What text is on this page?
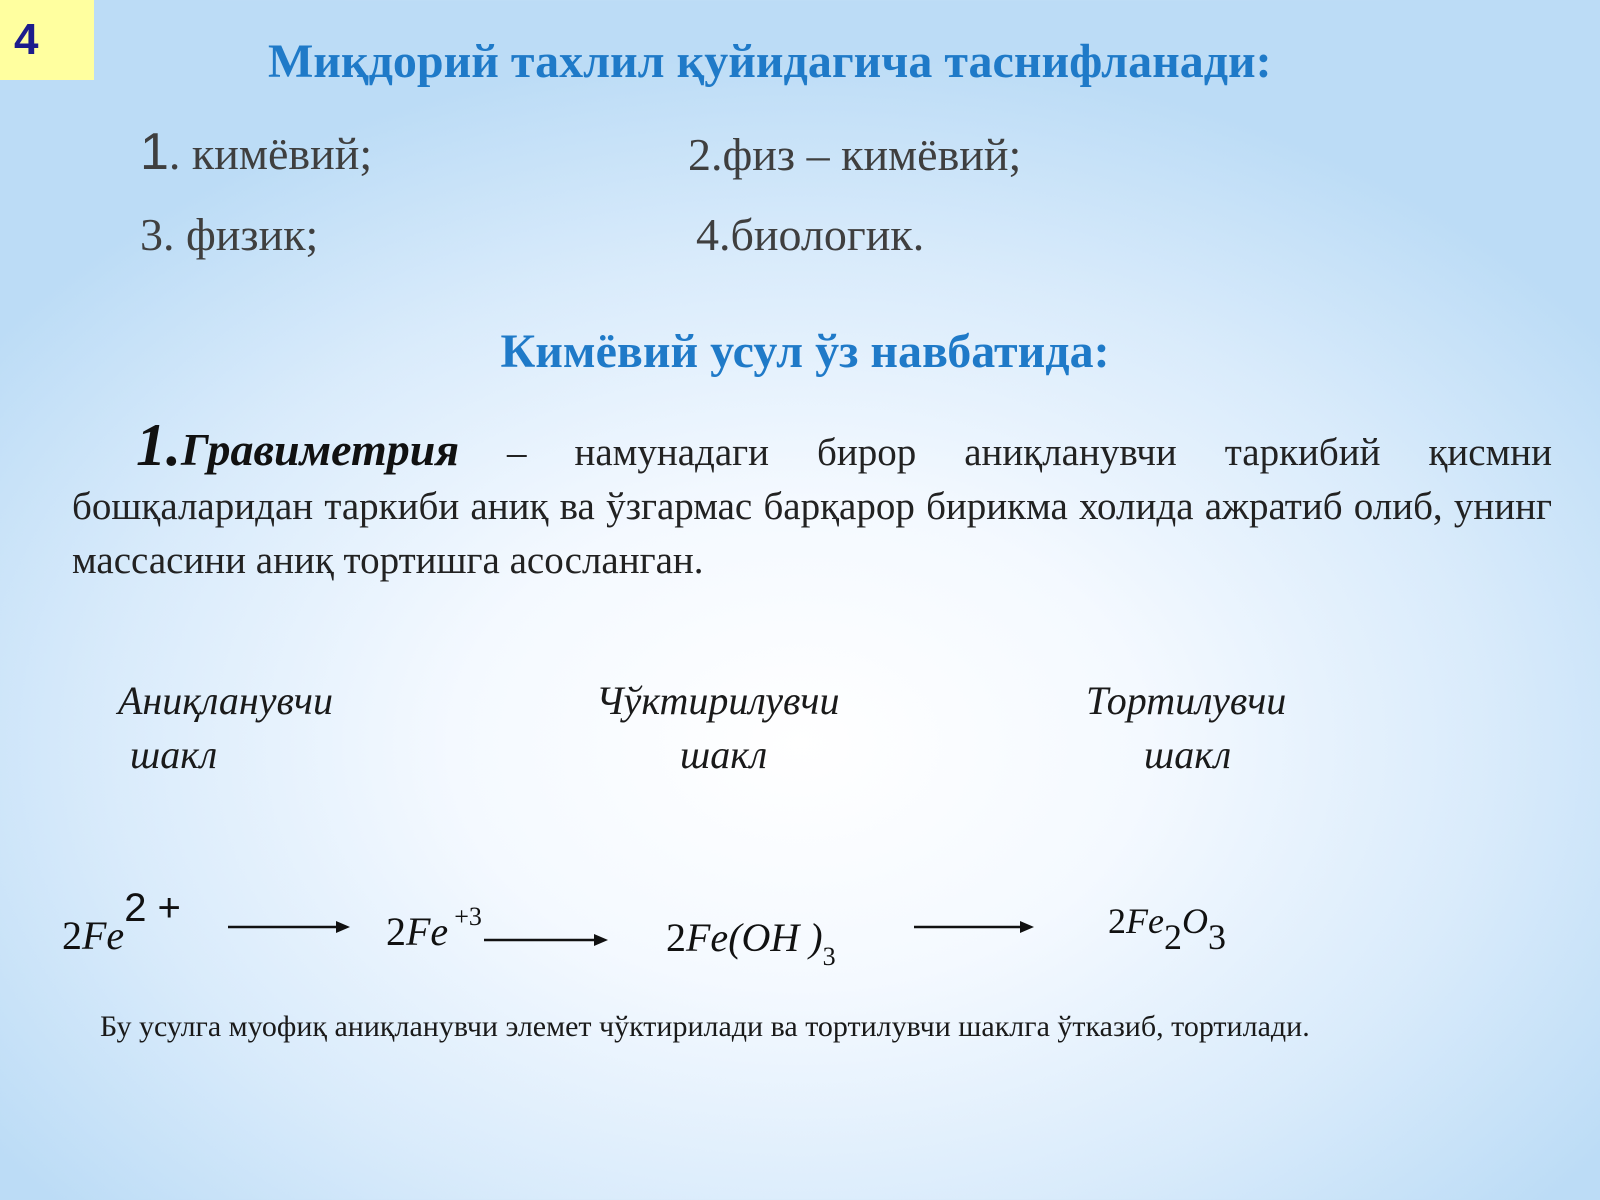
4	Миқдорий тахлил қуйидагича таснифланади:
1. кимёвий;	2.физ – кимёвий;
3. физик;	4.биологик.
Кимёвий усул ўз навбатида:

1.Гравиметрия – намунадаги бирор аниқланувчи таркибий қисмни бошқаларидан таркиби аниқ ва ўзгармас барқарор бирикма холида ажратиб олиб, унинг массасини аниқ тортишга асосланган.

Аниқланувчи
шакл
Чўктирилувчи
шакл
Тортилувчи
шакл
2Fe2 +
2Fe $^{+3}$	2Fe(OH )$_3$
2Fe2O3
Бу усулга муофиқ аниқланувчи элемет чўктирилади ва тортилувчи шаклга ўтказиб, тортилади.
